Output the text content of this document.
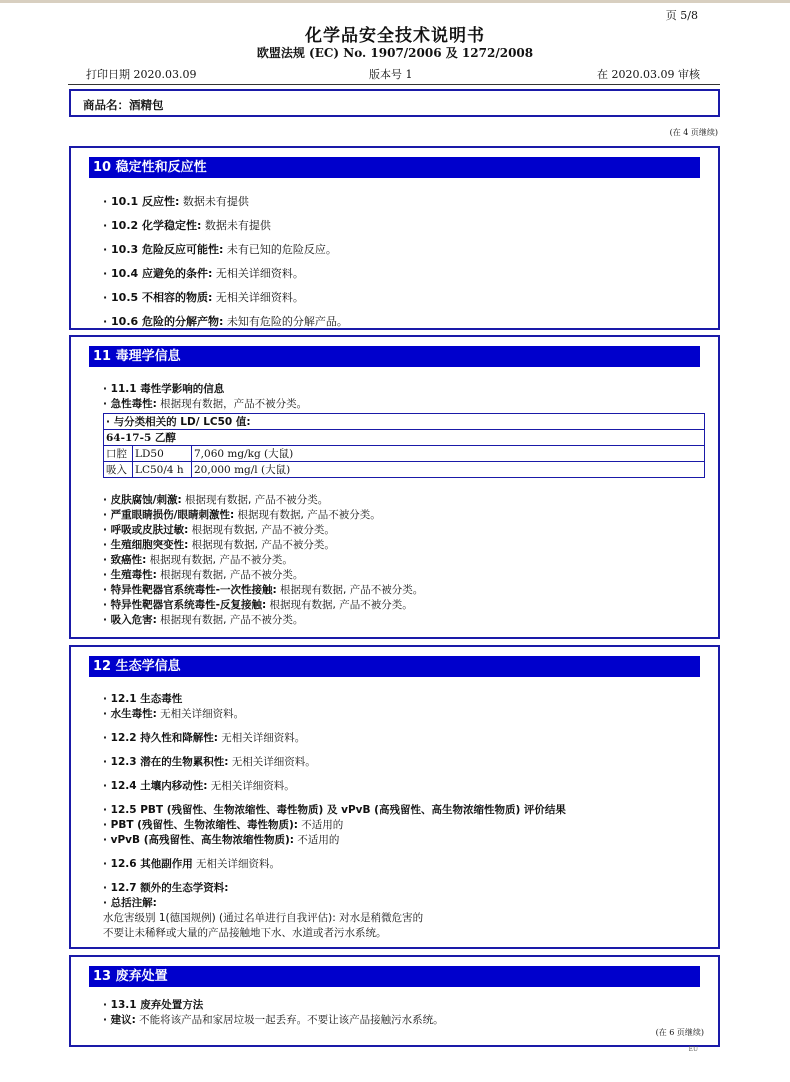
页 5/8
化学品安全技术说明书
欧盟法规 (EC) No. 1907/2006 及 1272/2008
打印日期 2020.03.09	版本号 1	在 2020.03.09 审核
商品名：酒精包
(在 4 页继续)
10 稳定性和反应性
· 10.1 反应性: 数据未有提供
· 10.2 化学稳定性: 数据未有提供
· 10.3 危险反应可能性: 未有已知的危险反应。
· 10.4 应避免的条件: 无相关详细资料。
· 10.5 不相容的物质: 无相关详细资料。
· 10.6 危险的分解产物: 未知有危险的分解产品。
11 毒理学信息
· 11.1 毒性学影响的信息
· 急性毒性: 根据现有数据，产品不被分类。
· 与分类相关的 LD/ LC50 值:		
64-17-5 乙醇		
口腔	LD50	7,060 mg/kg (大鼠)
吸入	LC50/4 h	20,000 mg/l (大鼠)
· 皮肤腐蚀/刺激: 根据现有数据, 产品不被分类。
· 严重眼睛损伤/眼睛刺激性: 根据现有数据, 产品不被分类。
· 呼吸或皮肤过敏: 根据现有数据, 产品不被分类。
· 生殖细胞突变性: 根据现有数据, 产品不被分类。
· 致癌性: 根据现有数据, 产品不被分类。
· 生殖毒性: 根据现有数据, 产品不被分类。
· 特异性靶器官系统毒性-一次性接触: 根据现有数据, 产品不被分类。
· 特异性靶器官系统毒性-反复接触: 根据现有数据, 产品不被分类。
· 吸入危害: 根据现有数据, 产品不被分类。
12 生态学信息
· 12.1 生态毒性
· 水生毒性: 无相关详细资料。
· 12.2 持久性和降解性: 无相关详细资料。
· 12.3 潜在的生物累积性: 无相关详细资料。
· 12.4 土壤内移动性: 无相关详细资料。
· 12.5 PBT (残留性、生物浓缩性、毒性物质) 及 vPvB (高残留性、高生物浓缩性物质) 评价结果
· PBT (残留性、生物浓缩性、毒性物质): 不适用的
· vPvB (高残留性、高生物浓缩性物质): 不适用的
· 12.6 其他副作用 无相关详细资料。
· 12.7 额外的生态学资料:
· 总括注解:
水危害级别 1(德国规例) (通过名单进行自我评估): 对水是稍微危害的
不要让未稀释或大量的产品接触地下水、水道或者污水系统。
13 废弃处置
· 13.1 废弃处置方法
· 建议: 不能将该产品和家居垃圾一起丢弃。不要让该产品接触污水系统。
(在 6 页继续)
EU
